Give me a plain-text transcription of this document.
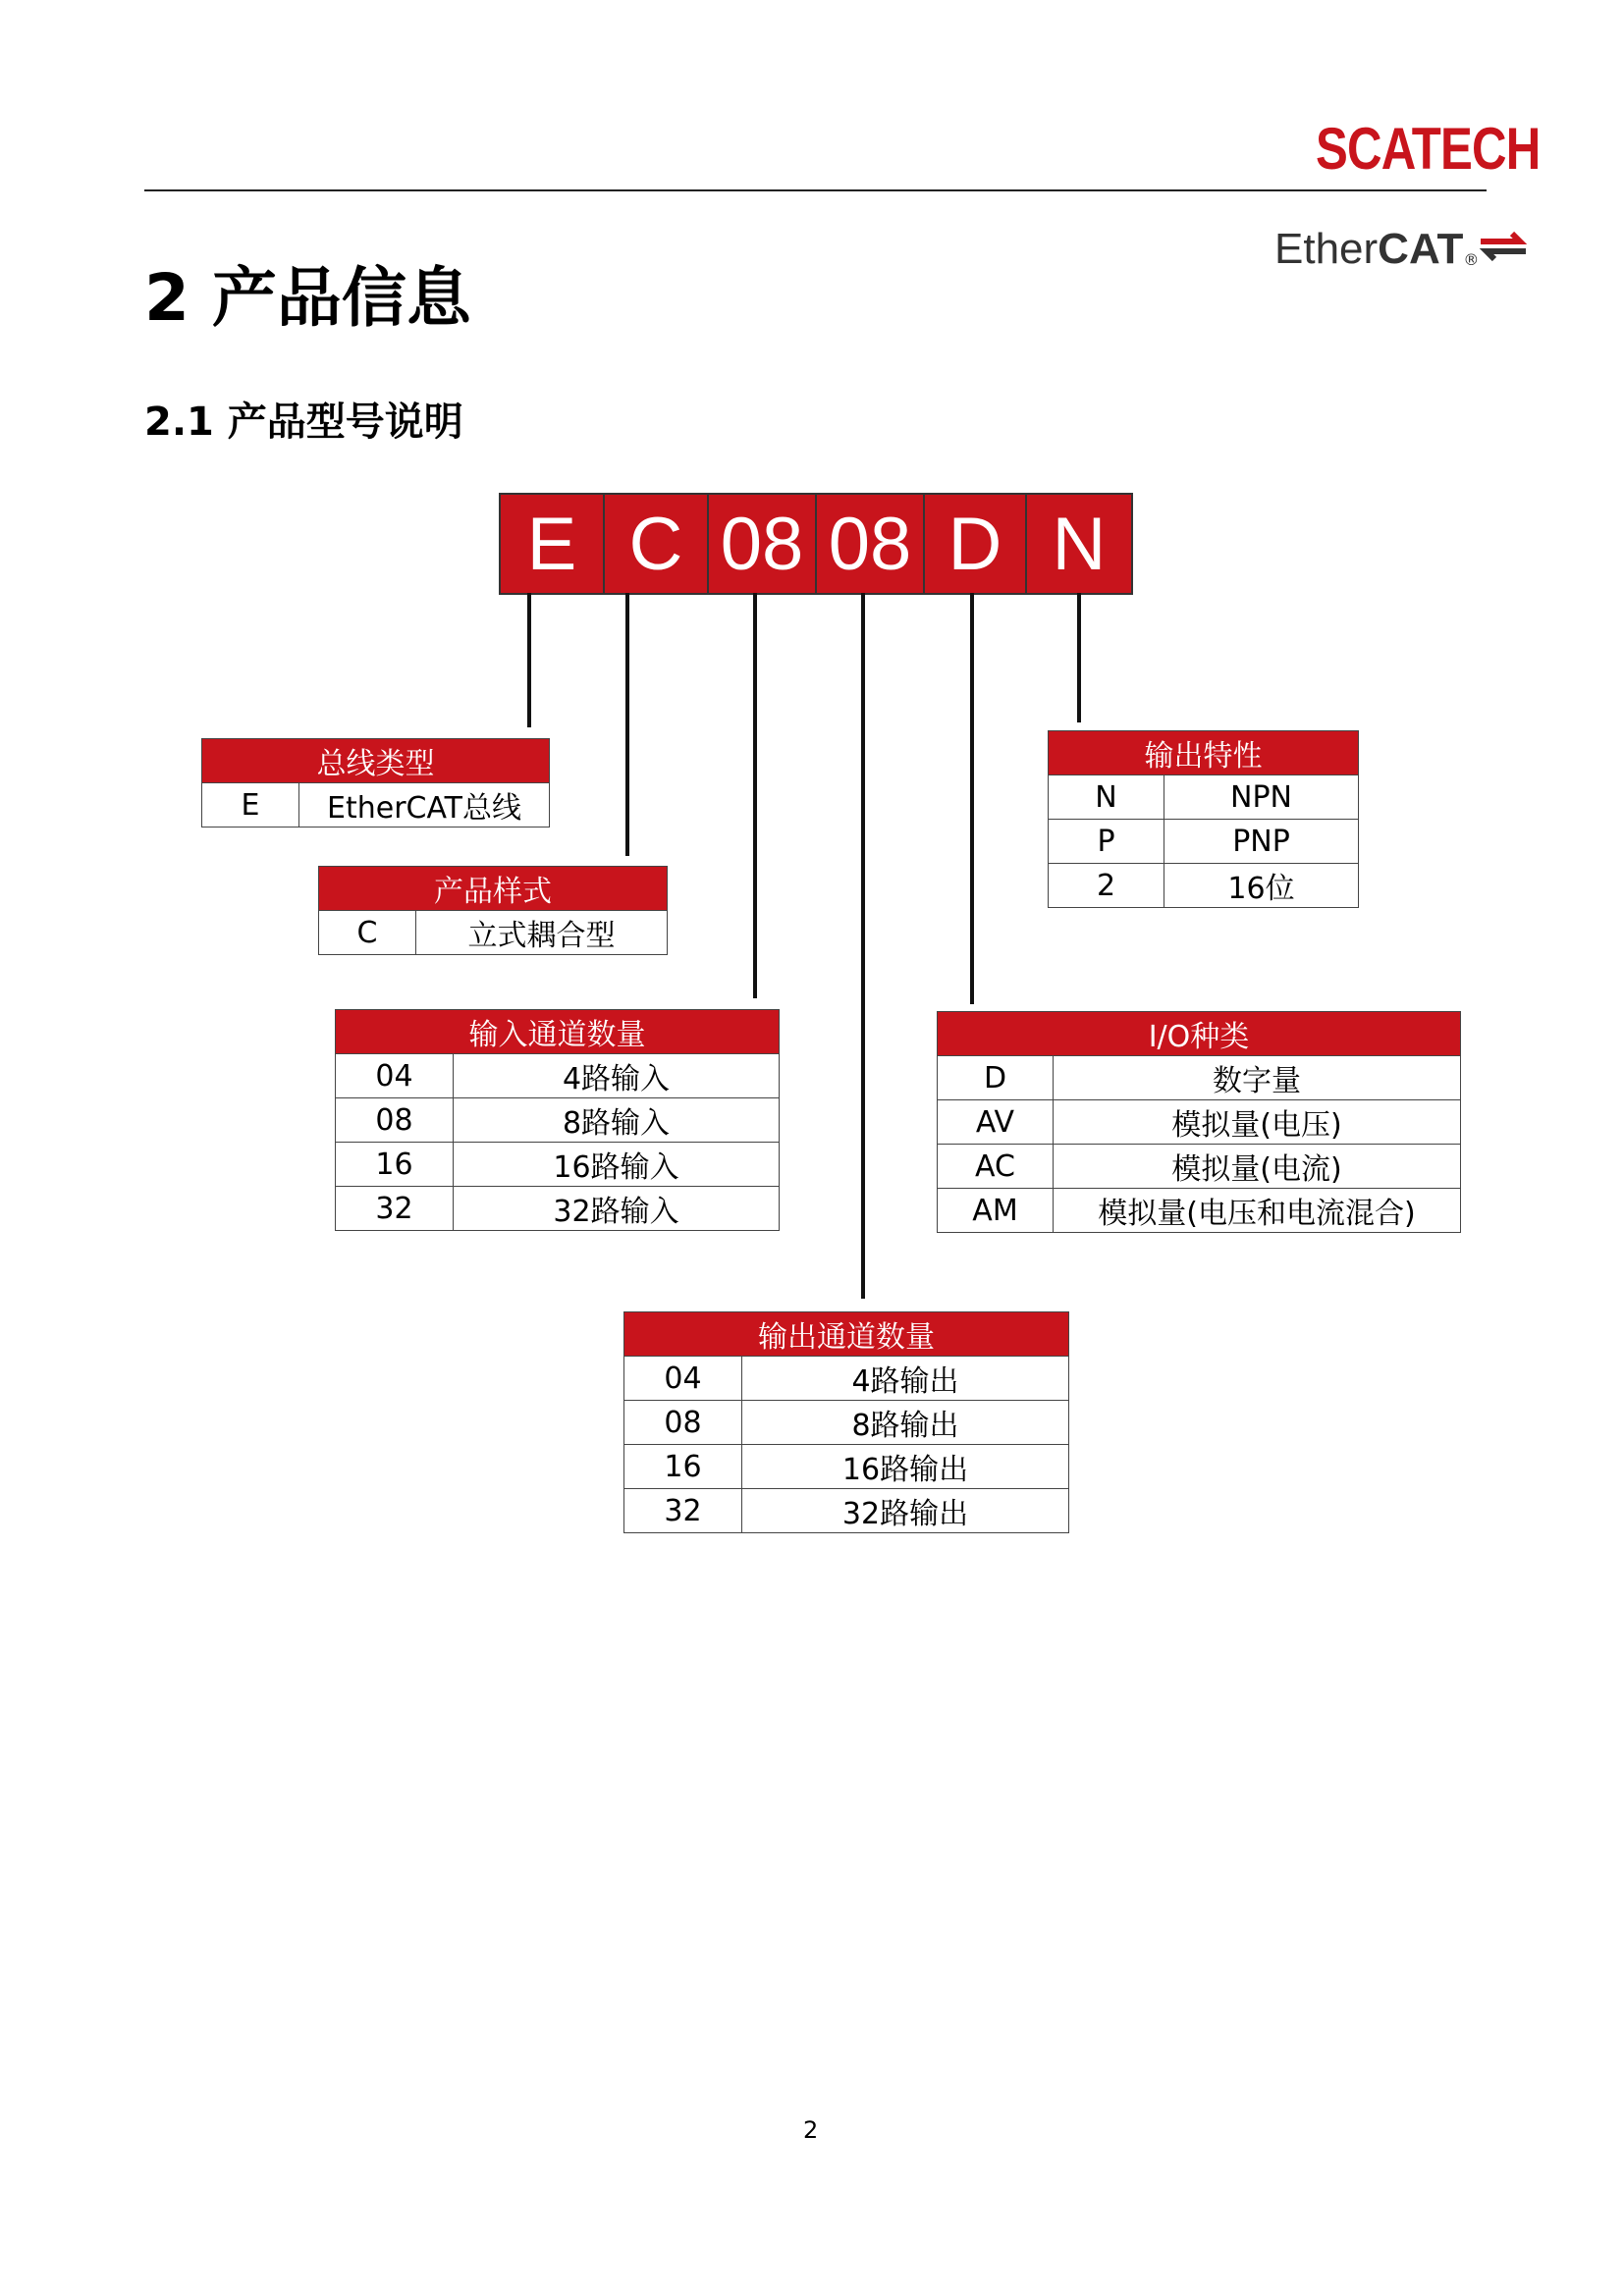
SCATECH
Ether CAT ®
2 产品信息
2.1 产品型号说明
E C 08 08 D N
总线类型
E	EtherCAT总线
产品样式
C	立式耦合型
输入通道数量	
04	4路输入
08	8路输入
16	16路输入
32	32路输入
输出特性	
N	NPN
P	PNP
2	16位
I/O种类	
D	数字量
AV	模拟量(电压)
AC	模拟量(电流)
AM	模拟量(电压和电流混合)
输出通道数量	
04	4路输出
08	8路输出
16	16路输出
32	32路输出
2
